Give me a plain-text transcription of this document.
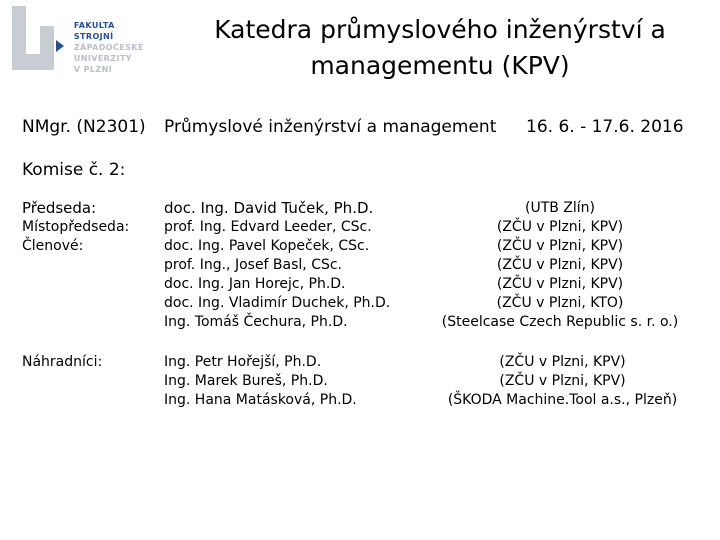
FAKULTA STROJNÍ
ZÁPADOČESKÉ
UNIVERZITY
V PLZNI
Katedra průmyslového inženýrství a
managementu (KPV)
NMgr. (N2301) Průmyslové inženýrství a management 16. 6. - 17.6. 2016
Komise č. 2:
Předseda:
Místopředseda:
Členové:
doc. Ing. David Tuček, Ph.D.
prof. Ing. Edvard Leeder, CSc.
doc. Ing. Pavel Kopeček, CSc.
prof. Ing., Josef Basl, CSc.
doc. Ing. Jan Horejc, Ph.D.
doc. Ing. Vladimír Duchek, Ph.D.
Ing. Tomáš Čechura, Ph.D.
(UTB Zlín)
(ZČU v Plzni, KPV)
(ZČU v Plzni, KPV)
(ZČU v Plzni, KPV)
(ZČU v Plzni, KPV)
(ZČU v Plzni, KTO)
(Steelcase Czech Republic s. r. o.)
Náhradníci:	Ing. Petr Hořejší, Ph.D.
Ing. Marek Bureš, Ph.D.
Ing. Hana Matásková, Ph.D.
(ZČU v Plzni, KPV)
(ZČU v Plzni, KPV)
(ŠKODA Machine.Tool a.s., Plzeň)
